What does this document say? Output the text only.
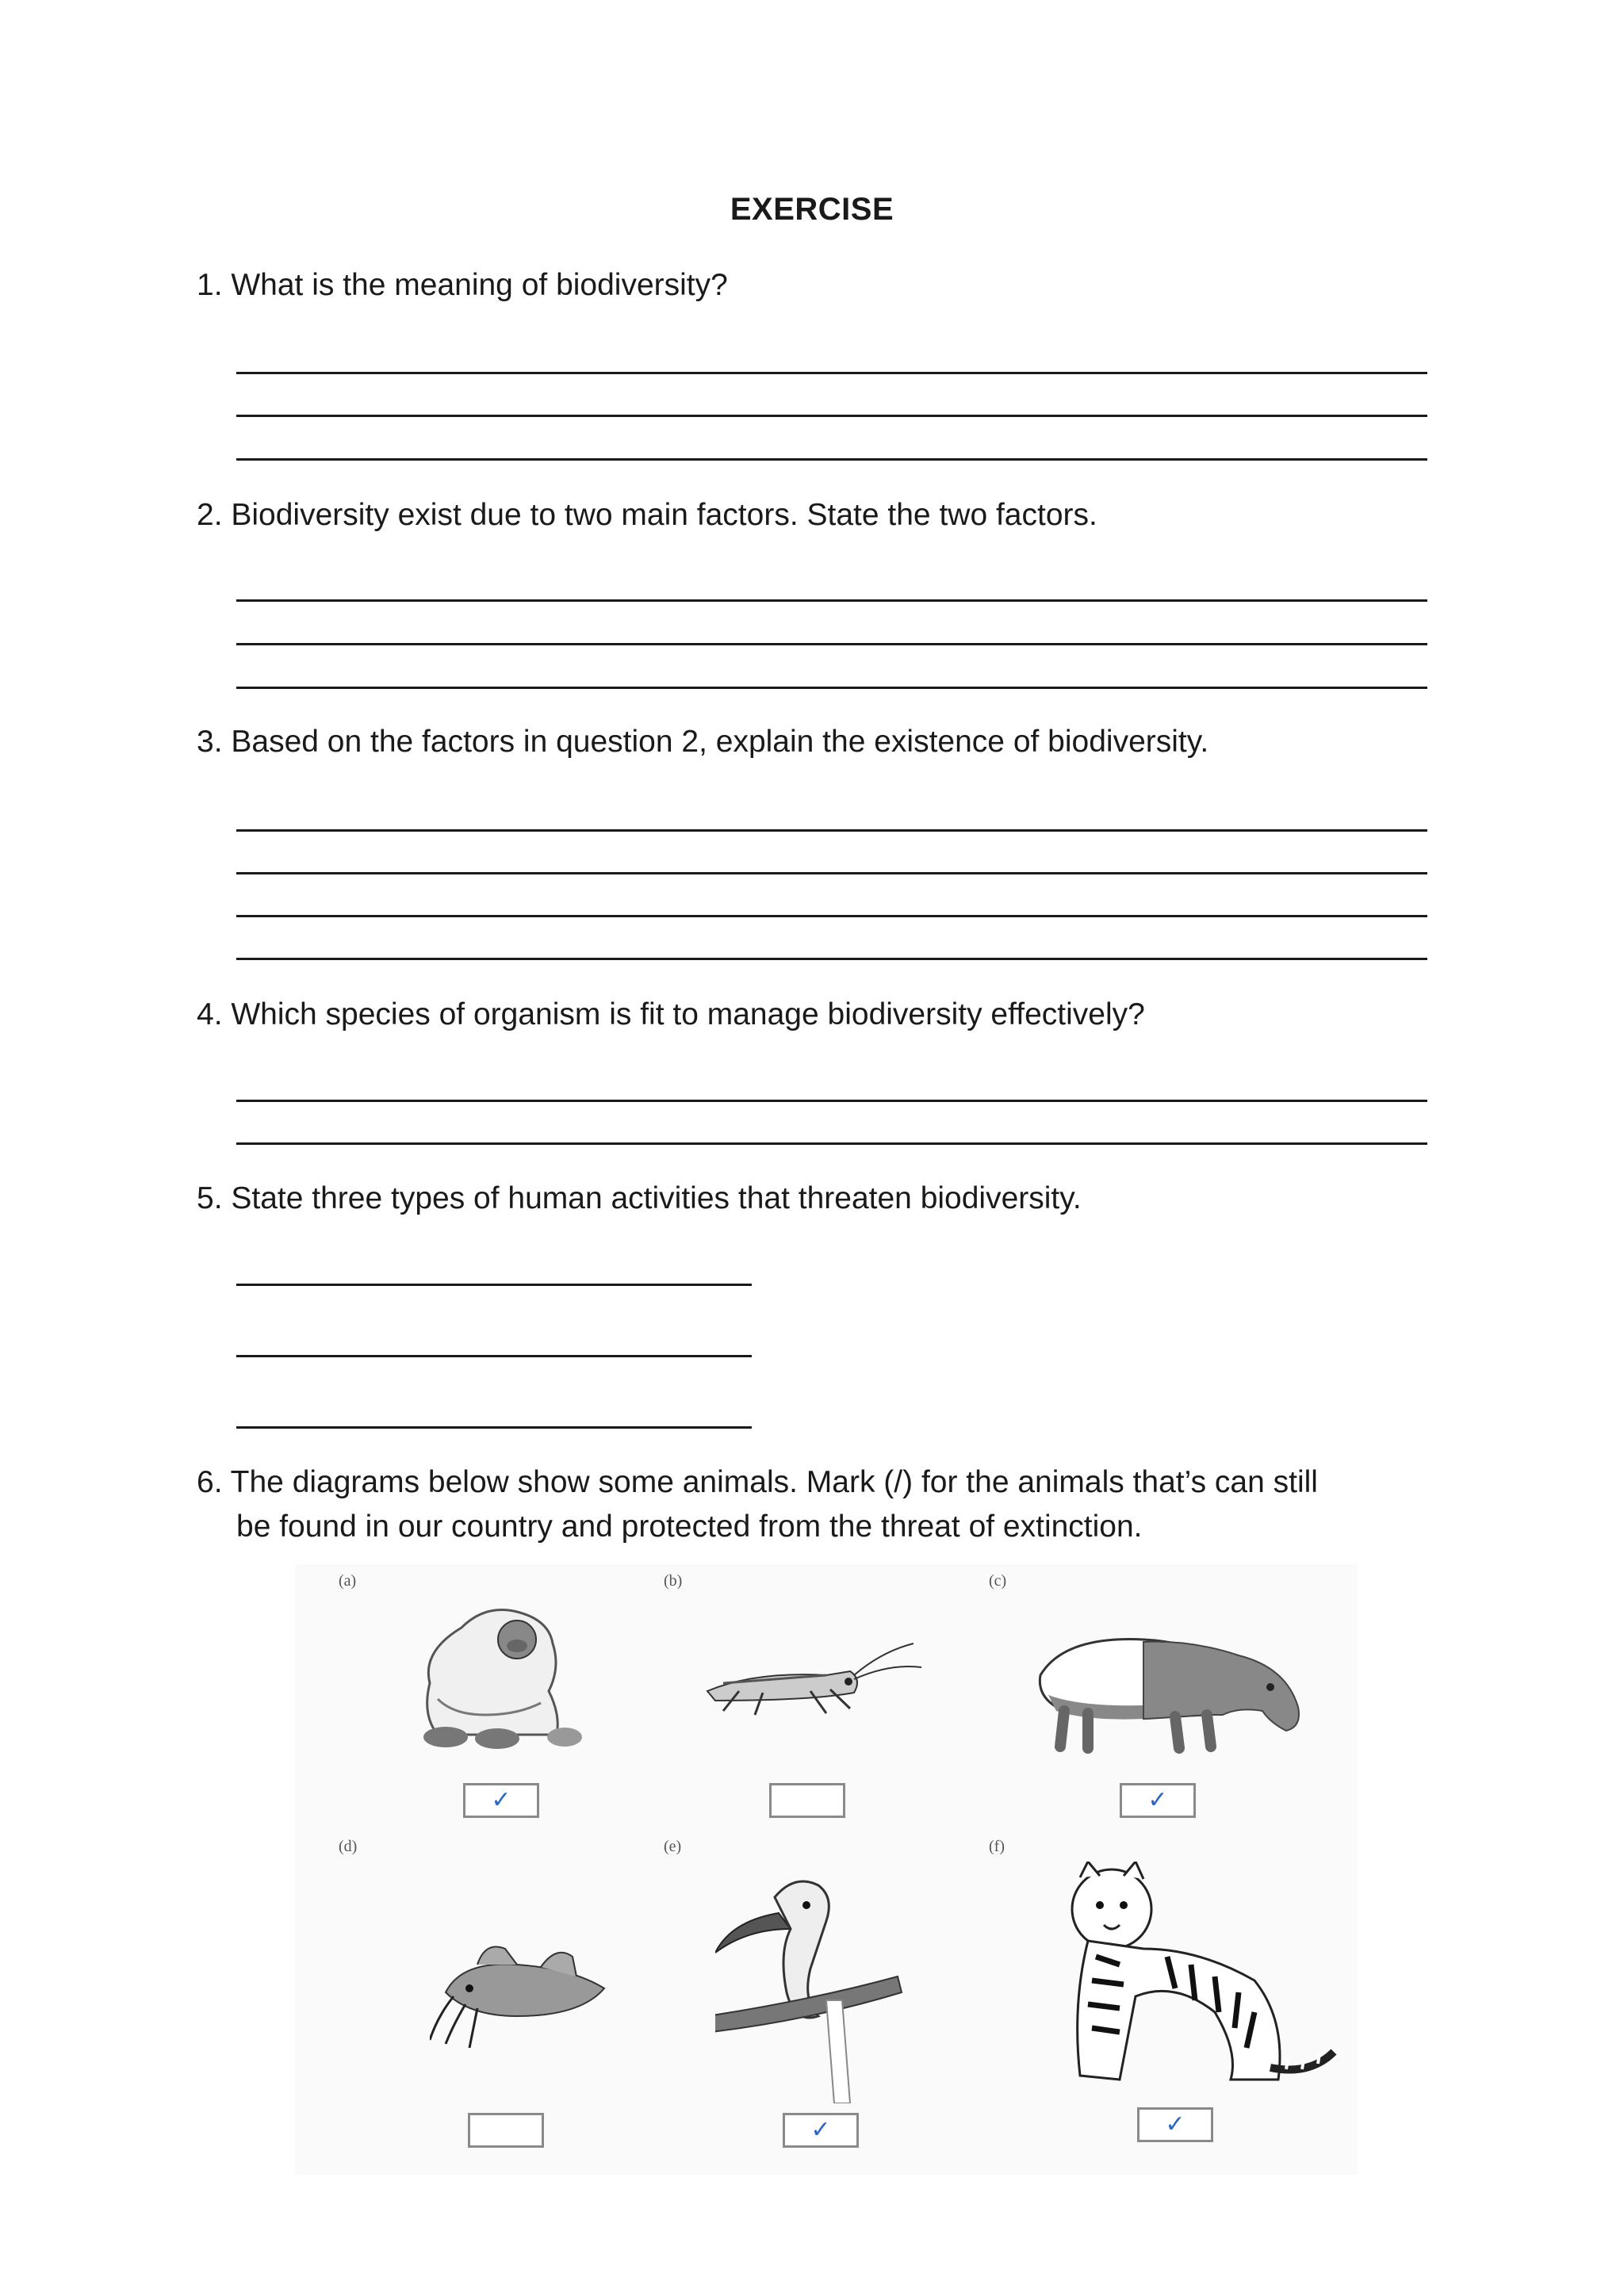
EXERCISE
1. What is the meaning of biodiversity?
2. Biodiversity exist due to two main factors. State the two factors.
3. Based on the factors in question 2, explain the existence of biodiversity.
4. Which species of organism is fit to manage biodiversity effectively?
5. State three types of human activities that threaten biodiversity.
6. The diagrams below show some animals. Mark (/) for the animals that’s can still
be found in our country and protected from the threat of extinction.
(a)
✓
(b)	(c)
✓
(d)	(e)
✓
(f)
✓
